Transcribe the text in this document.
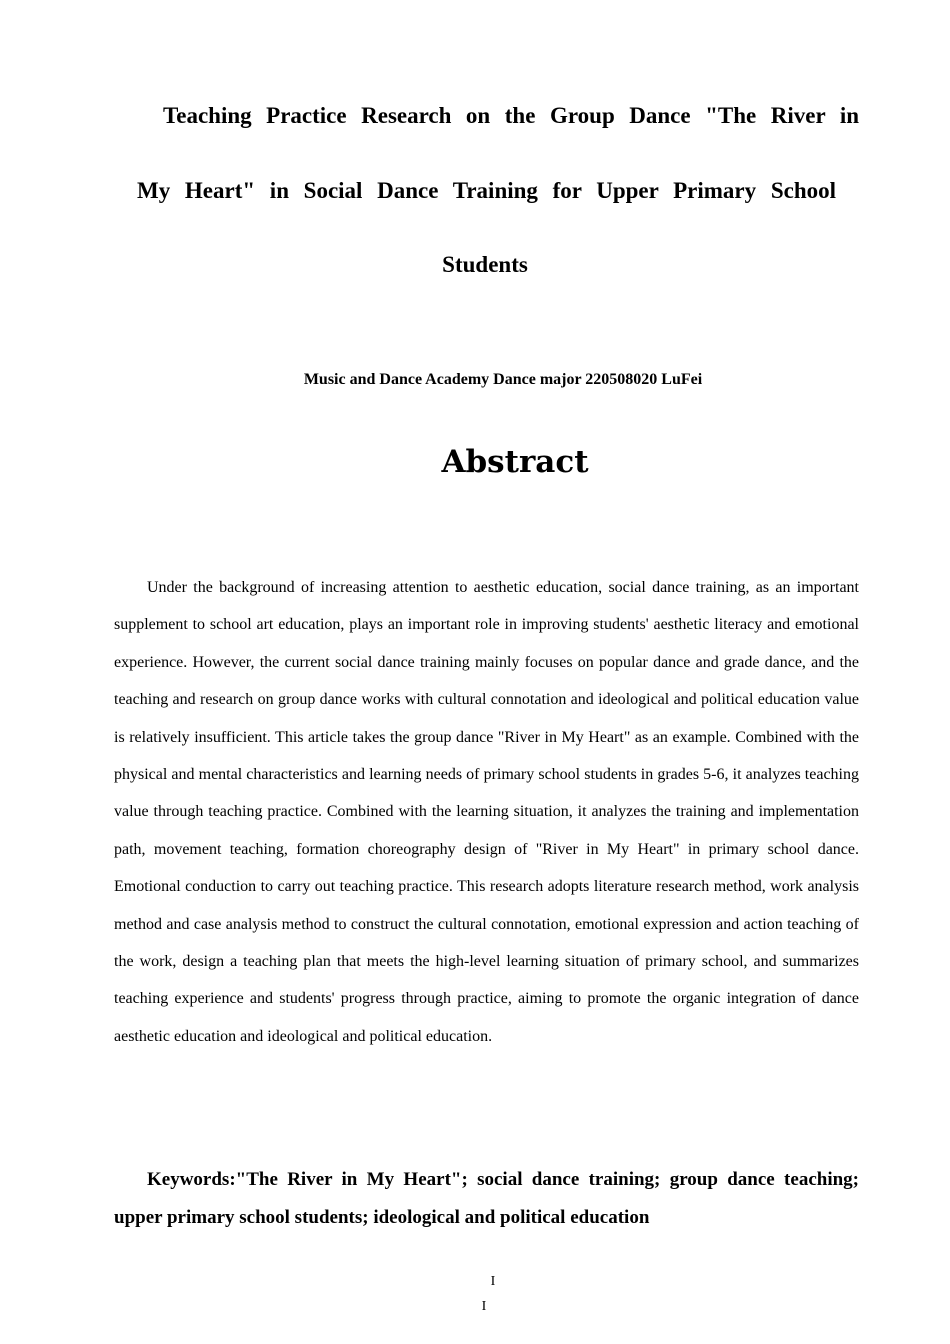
Teaching Practice Research on the Group Dance "The River in
My Heart" in Social Dance Training for Upper Primary School
Students
Music and Dance Academy Dance major 220508020 LuFei
Abstract

Under the background of increasing attention to aesthetic education, social dance training, as an important supplement to school art education, plays an important role in improving students' aesthetic literacy and emotional experience. However, the current social dance training mainly focuses on popular dance and grade dance, and the teaching and research on group dance works with cultural connotation and ideological and political education value is relatively insufficient. This article takes the group dance "River in My Heart" as an example. Combined with the physical and mental characteristics and learning needs of primary school students in grades 5-6, it analyzes teaching value through teaching practice. Combined with the learning situation, it analyzes the training and implementation path, movement teaching, formation choreography design of "River in My Heart" in primary school dance. Emotional conduction to carry out teaching practice. This research adopts literature research method, work analysis method and case analysis method to construct the cultural connotation, emotional expression and action teaching of the work, design a teaching plan that meets the high-level learning situation of primary school, and summarizes teaching experience and students' progress through practice, aiming to promote the organic integration of dance aesthetic education and ideological and political education.

Keywords:"The River in My Heart"; social dance training; group dance teaching; upper primary school students; ideological and political education

I
I
